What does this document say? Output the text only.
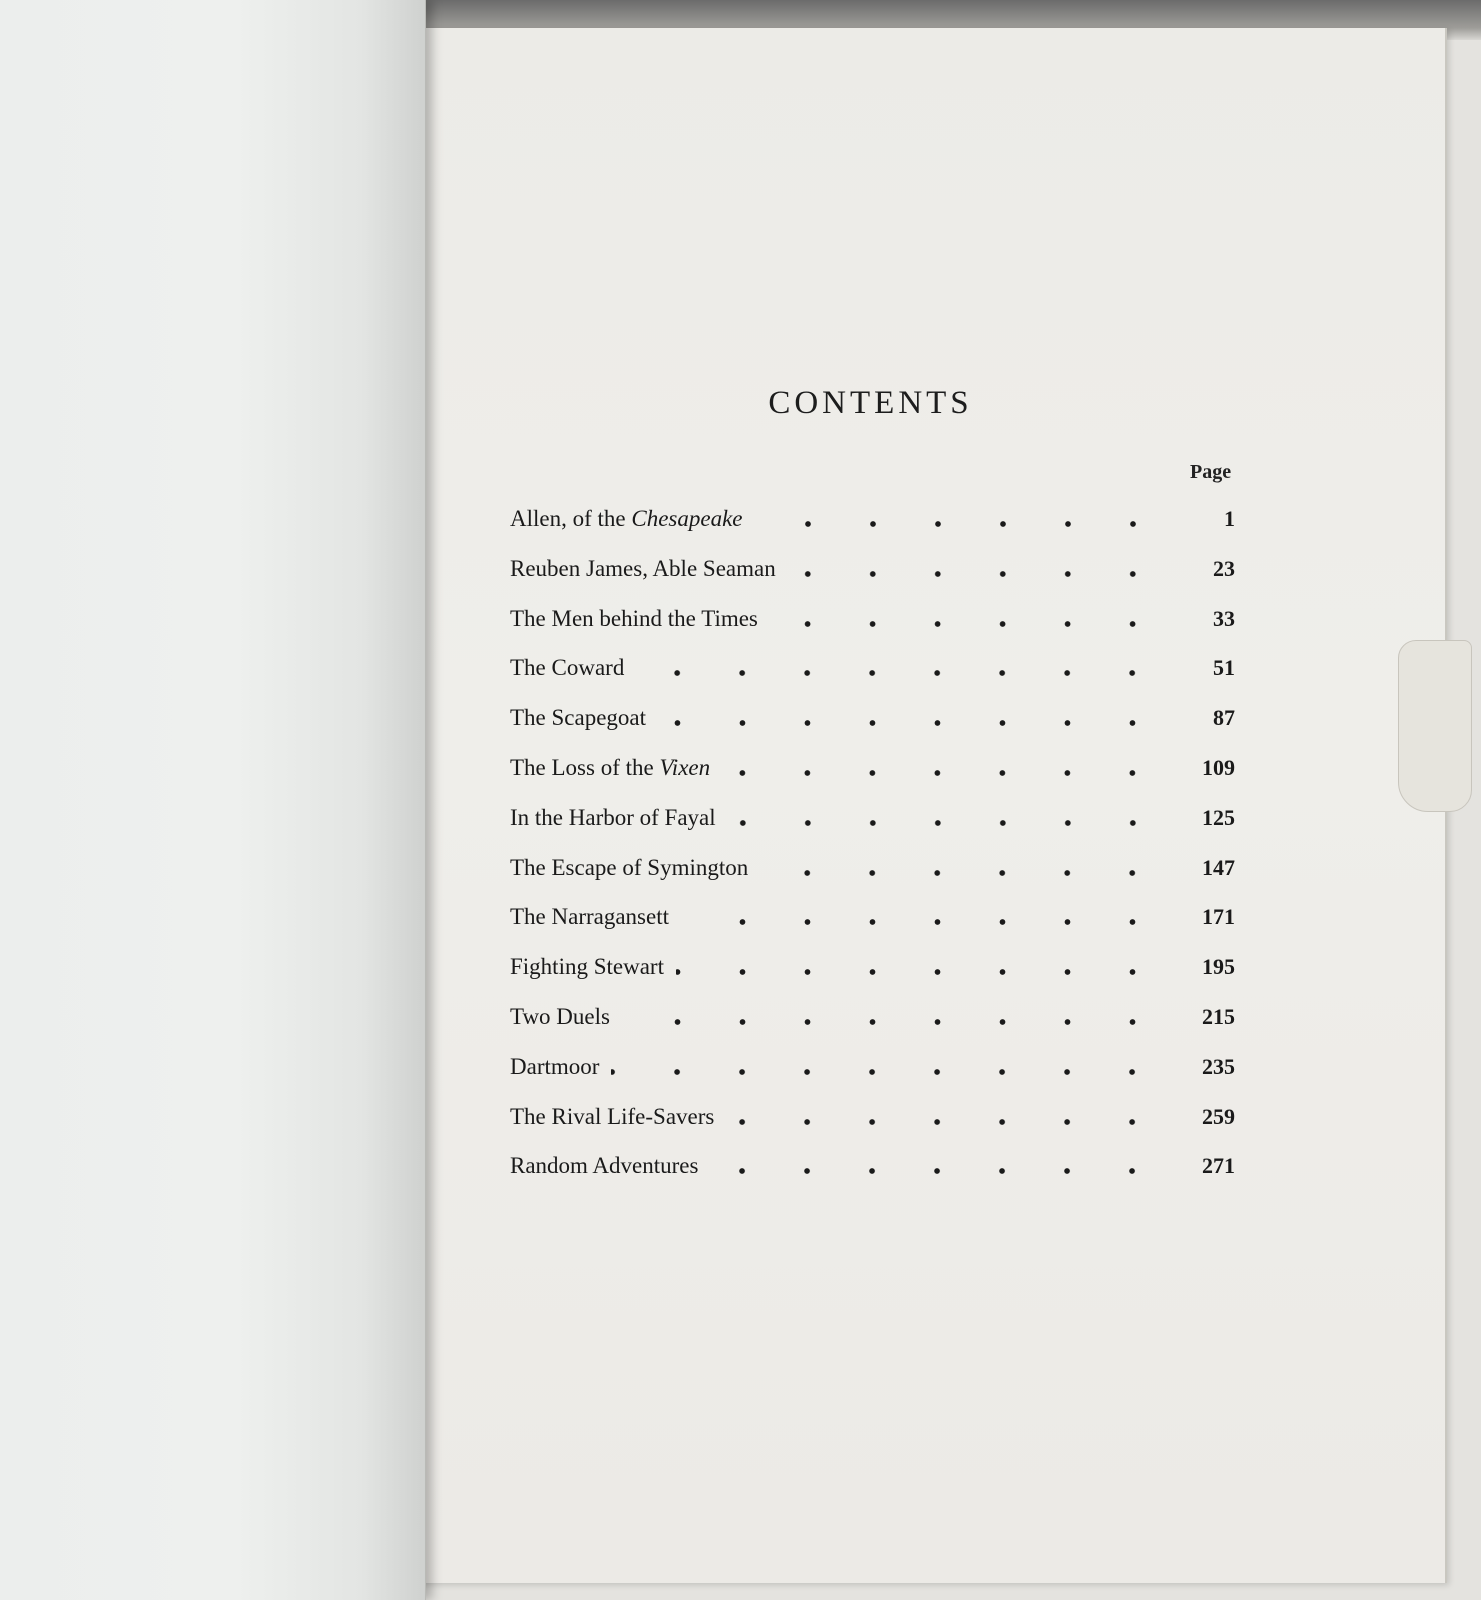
CONTENTS
Page
Allen, of the Chesapeake	1
Reuben James, Able Seaman	23
The Men behind the Times	33
The Coward	51
The Scapegoat	87
The Loss of the Vixen	109
In the Harbor of Fayal	125
The Escape of Symington	147
The Narragansett	171
Fighting Stewart	195
Two Duels	215
Dartmoor	235
The Rival Life-Savers	259
Random Adventures	271
